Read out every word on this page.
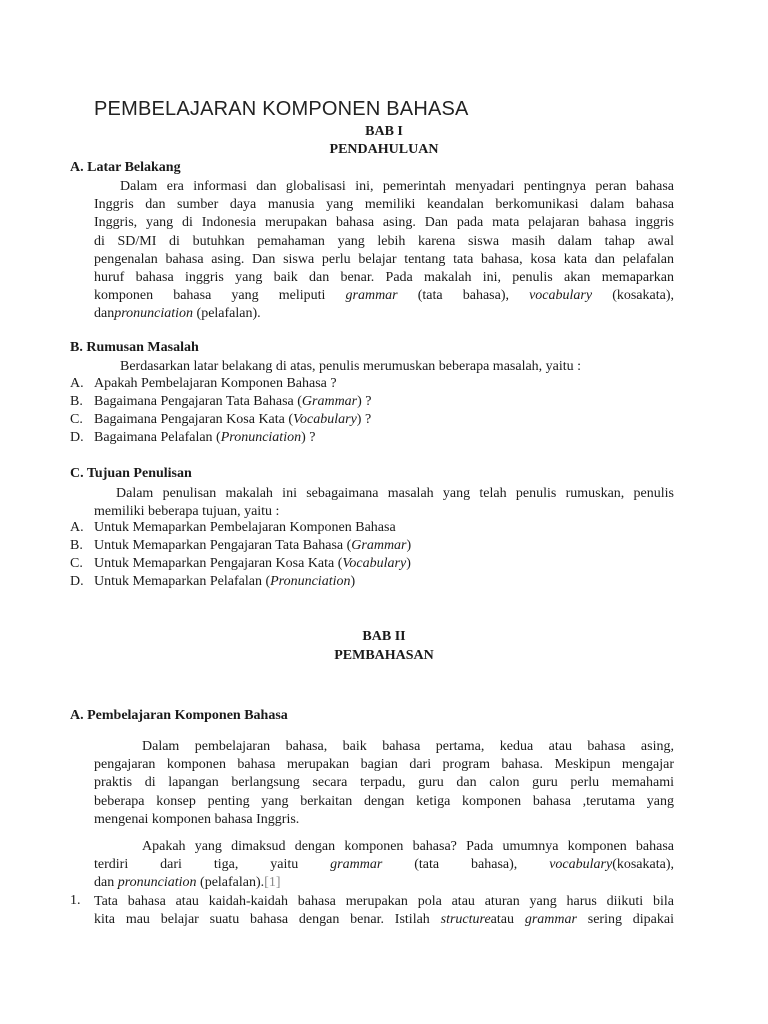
PEMBELAJARAN KOMPONEN BAHASA
BAB I
PENDAHULUAN
A. Latar Belakang
Dalam era informasi dan globalisasi ini, pemerintah menyadari pentingnya peran bahasa
Inggris dan sumber daya manusia yang memiliki keandalan berkomunikasi dalam bahasa
Inggris, yang di Indonesia merupakan bahasa asing. Dan pada mata pelajaran bahasa inggris
di SD/MI di butuhkan pemahaman yang lebih karena siswa masih dalam tahap awal
pengenalan bahasa asing. Dan siswa perlu belajar tentang tata bahasa, kosa kata dan pelafalan
huruf bahasa inggris yang baik dan benar. Pada makalah ini, penulis akan memaparkan
komponen bahasa yang meliputi grammar (tata bahasa), vocabulary (kosakata),
danpronunciation (pelafalan).
B. Rumusan Masalah
Berdasarkan latar belakang di atas, penulis merumuskan beberapa masalah, yaitu :
A. Apakah Pembelajaran Komponen Bahasa ?
B. Bagaimana Pengajaran Tata Bahasa (Grammar) ?
C. Bagaimana Pengajaran Kosa Kata (Vocabulary) ?
D. Bagaimana Pelafalan (Pronunciation) ?
C. Tujuan Penulisan
Dalam penulisan makalah ini sebagaimana masalah yang telah penulis rumuskan, penulis
memiliki beberapa tujuan, yaitu :
A. Untuk Memaparkan Pembelajaran Komponen Bahasa
B. Untuk Memaparkan Pengajaran Tata Bahasa (Grammar)
C. Untuk Memaparkan Pengajaran Kosa Kata (Vocabulary)
D. Untuk Memaparkan Pelafalan (Pronunciation)
BAB II
PEMBAHASAN
A. Pembelajaran Komponen Bahasa
Dalam pembelajaran bahasa, baik bahasa pertama, kedua atau bahasa asing,
pengajaran komponen bahasa merupakan bagian dari program bahasa. Meskipun mengajar
praktis di lapangan berlangsung secara terpadu, guru dan calon guru perlu memahami
beberapa konsep penting yang berkaitan dengan ketiga komponen bahasa ,terutama yang
mengenai komponen bahasa Inggris.
Apakah yang dimaksud dengan komponen bahasa? Pada umumnya komponen bahasa
terdiri dari tiga, yaitu grammar (tata bahasa), vocabulary(kosakata),
dan pronunciation (pelafalan).[1]
1. Tata bahasa atau kaidah-kaidah bahasa merupakan pola atau aturan yang harus diikuti bila
kita mau belajar suatu bahasa dengan benar. Istilah structureatau grammar sering dipakai
